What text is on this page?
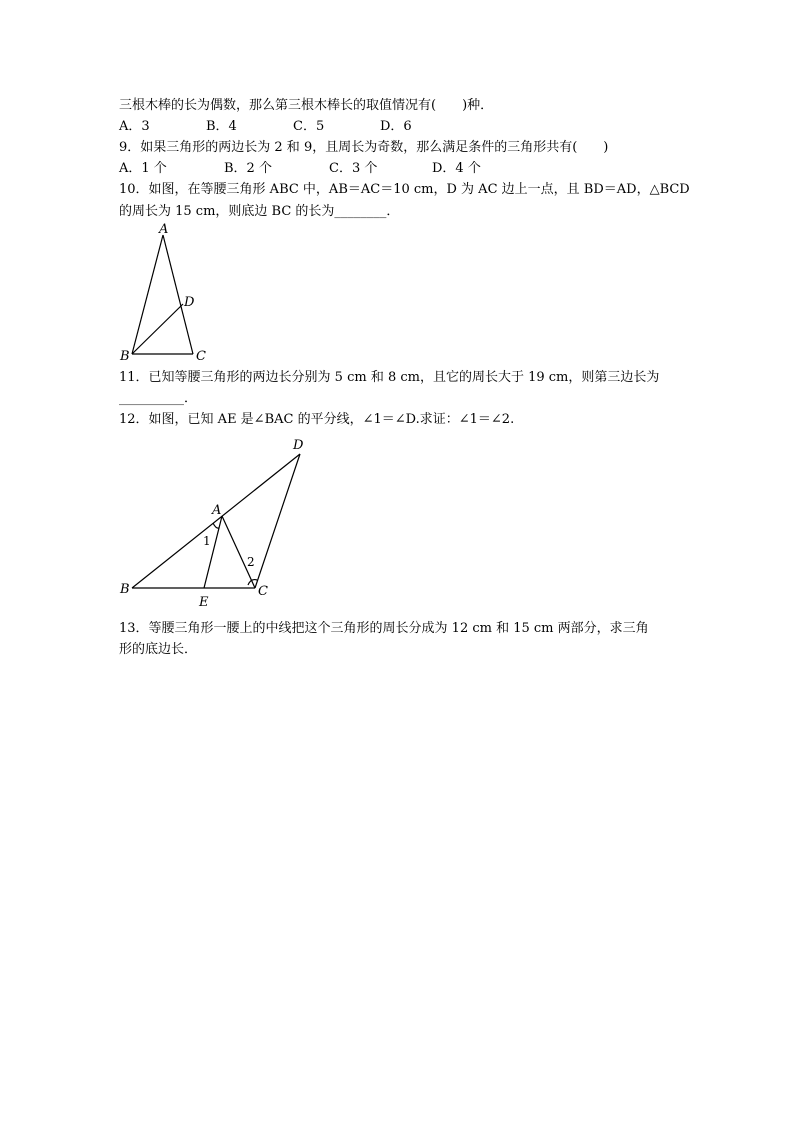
三根木棒的长为偶数，那么第三根木棒长的取值情况有(　　)种．
A．3	B．4	C．5	D．6
9．如果三角形的两边长为 2 和 9，且周长为奇数，那么满足条件的三角形共有(　　)
A．1 个	B．2 个	C．3 个	D．4 个
10．如图，在等腰三角形 ABC 中，AB＝AC＝10 cm，D 为 AC 边上一点，且 BD＝AD，△BCD
的周长为 15 cm，则底边 BC 的长为________．
A
D
B	C
11．已知等腰三角形的两边长分别为 5 cm 和 8 cm，且它的周长大于 19 cm，则第三边长为
__________．
12．如图，已知 AE 是∠BAC 的平分线，∠1＝∠D.求证：∠1＝∠2.
D
A
1
2
B	C
E
13．等腰三角形一腰上的中线把这个三角形的周长分成为 12 cm 和 15 cm 两部分，求三角
形的底边长．
